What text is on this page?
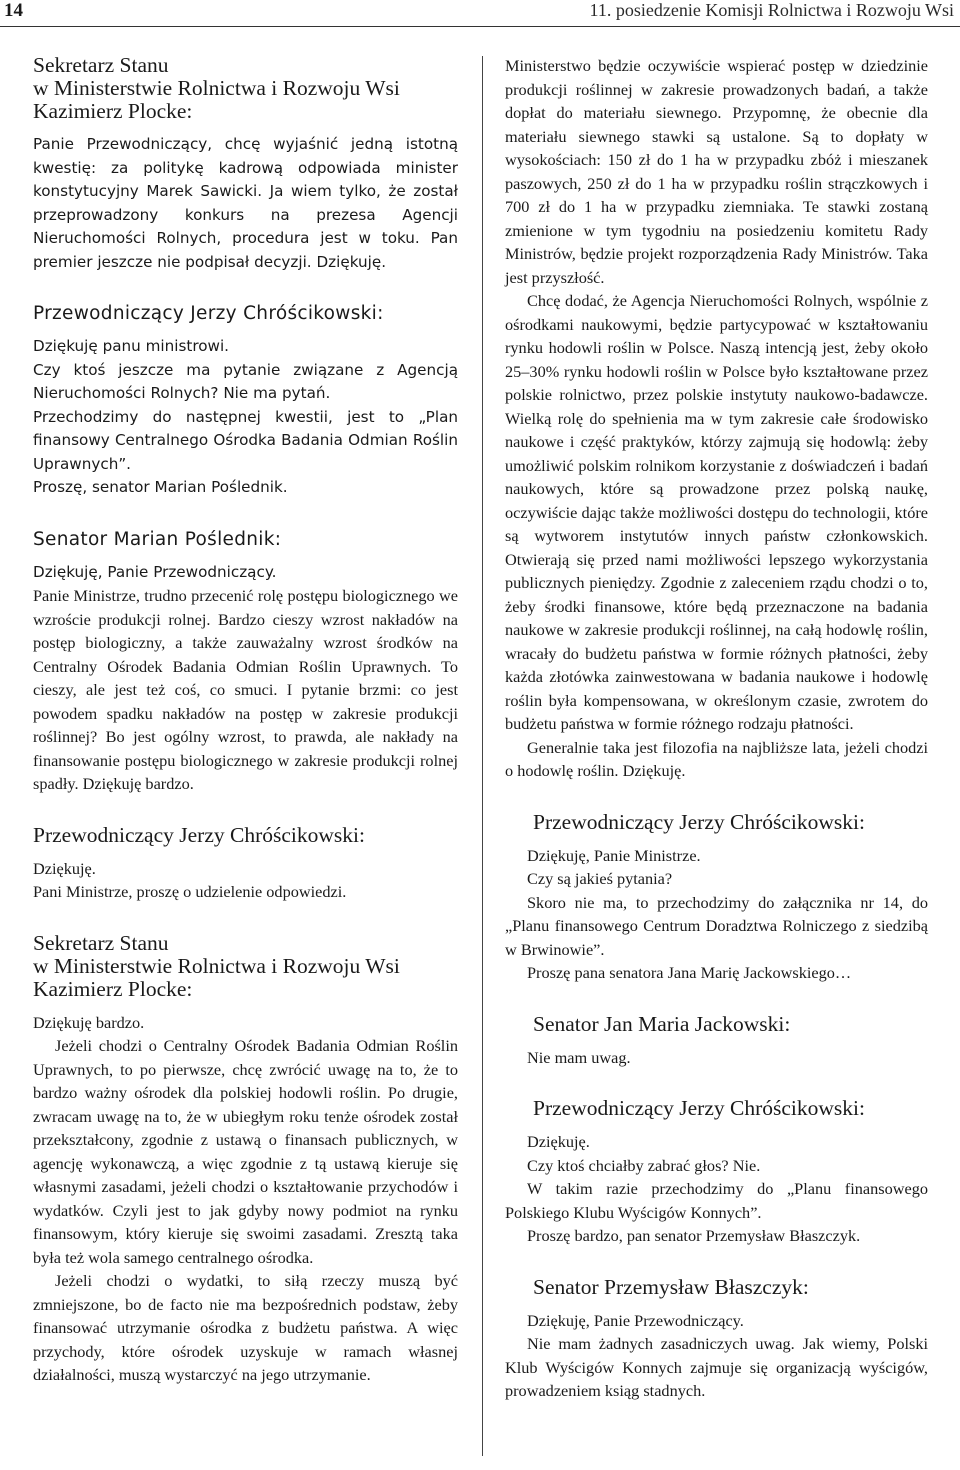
14	11. posiedzenie Komisji Rolnictwa i Rozwoju Wsi
Sekretarz Stanu
w Ministerstwie Rolnictwa i Rozwoju Wsi
Kazimierz Plocke:

Panie Przewodniczący, chcę wyjaśnić jedną istotną kwestię: za politykę kadrową odpowiada minister konstytucyjny Marek Sawicki. Ja wiem tylko, że został przeprowadzony konkurs na prezesa Agencji Nieruchomości Rolnych, procedura jest w toku. Pan premier jeszcze nie podpisał decyzji. Dziękuję.

Przewodniczący Jerzy Chróścikowski:

Dziękuję panu ministrowi.

Czy ktoś jeszcze ma pytanie związane z Agencją Nieruchomości Rolnych? Nie ma pytań.

Przechodzimy do następnej kwestii, jest to „Plan finansowy Centralnego Ośrodka Badania Odmian Roślin Uprawnych”.

Proszę, senator Marian Poślednik.

Senator Marian Poślednik:

Dziękuję, Panie Przewodniczący.

Panie Ministrze, trudno przecenić rolę postępu biologicznego we wzroście produkcji rolnej. Bardzo cieszy wzrost nakładów na postęp biologiczny, a także zauważalny wzrost środków na Centralny Ośrodek Badania Odmian Roślin Uprawnych. To cieszy, ale jest też coś, co smuci. I pytanie brzmi: co jest powodem spadku nakładów na postęp w zakresie produkcji roślinnej? Bo jest ogólny wzrost, to prawda, ale nakłady na finansowanie postępu biologicznego w zakresie produkcji rolnej spadły. Dziękuję bardzo.

Przewodniczący Jerzy Chróścikowski:

Dziękuję.

Pani Ministrze, proszę o udzielenie odpowiedzi.

Sekretarz Stanu
w Ministerstwie Rolnictwa i Rozwoju Wsi
Kazimierz Plocke:

Dziękuję bardzo.

Jeżeli chodzi o Centralny Ośrodek Badania Odmian Roślin Uprawnych, to po pierwsze, chcę zwrócić uwagę na to, że to bardzo ważny ośrodek dla polskiej hodowli roślin. Po drugie, zwracam uwagę na to, że w ubiegłym roku tenże ośrodek został przekształcony, zgodnie z ustawą o finansach publicznych, w agencję wykonawczą, a więc zgodnie z tą ustawą kieruje się własnymi zasadami, jeżeli chodzi o kształtowanie przychodów i wydatków. Czyli jest to jak gdyby nowy podmiot na rynku finansowym, który kieruje się swoimi zasadami. Zresztą taka była też wola samego centralnego ośrodka.

Jeżeli chodzi o wydatki, to siłą rzeczy muszą być zmniejszone, bo de facto nie ma bezpośrednich podstaw, żeby finansować utrzymanie ośrodka z budżetu państwa. A więc przychody, które ośrodek uzyskuje w ramach własnej działalności, muszą wystarczyć na jego utrzymanie.

Ministerstwo będzie oczywiście wspierać postęp w dziedzinie produkcji roślinnej w zakresie prowadzonych badań, a także dopłat do materiału siewnego. Przypomnę, że obecnie dla materiału siewnego stawki są ustalone. Są to dopłaty w wysokościach: 150 zł do 1 ha w przypadku zbóż i mieszanek paszowych, 250 zł do 1 ha w przypadku roślin strączkowych i 700 zł do 1 ha w przypadku ziemniaka. Te stawki zostaną zmienione w tym tygodniu na posiedzeniu komitetu Rady Ministrów, będzie projekt rozporządzenia Rady Ministrów. Taka jest przyszłość.

Chcę dodać, że Agencja Nieruchomości Rolnych, wspólnie z ośrodkami naukowymi, będzie partycypować w kształtowaniu rynku hodowli roślin w Polsce. Naszą intencją jest, żeby około 25–30% rynku hodowli roślin w Polsce było kształtowane przez polskie rolnictwo, przez polskie instytuty naukowo-badawcze. Wielką rolę do spełnienia ma w tym zakresie całe środowisko naukowe i część praktyków, którzy zajmują się hodowlą: żeby umożliwić polskim rolnikom korzystanie z doświadczeń i badań naukowych, które są prowadzone przez polską naukę, oczywiście dając także możliwości dostępu do technologii, które są wytworem instytutów innych państw członkowskich. Otwierają się przed nami możliwości lepszego wykorzystania publicznych pieniędzy. Zgodnie z zaleceniem rządu chodzi o to, żeby środki finansowe, które będą przeznaczone na badania naukowe w zakresie produkcji roślinnej, na całą hodowlę roślin, wracały do budżetu państwa w formie różnych płatności, żeby każda złotówka zainwestowana w badania naukowe i hodowlę roślin była kompensowana, w określonym czasie, zwrotem do budżetu państwa w formie różnego rodzaju płatności.

Generalnie taka jest filozofia na najbliższe lata, jeżeli chodzi o hodowlę roślin. Dziękuję.

Przewodniczący Jerzy Chróścikowski:

Dziękuję, Panie Ministrze.

Czy są jakieś pytania?

Skoro nie ma, to przechodzimy do załącznika nr 14, do „Planu finansowego Centrum Doradztwa Rolniczego z siedzibą w Brwinowie”.

Proszę pana senatora Jana Marię Jackowskiego…

Senator Jan Maria Jackowski:

Nie mam uwag.

Przewodniczący Jerzy Chróścikowski:

Dziękuję.

Czy ktoś chciałby zabrać głos? Nie.

W takim razie przechodzimy do „Planu finansowego Polskiego Klubu Wyścigów Konnych”.

Proszę bardzo, pan senator Przemysław Błaszczyk.

Senator Przemysław Błaszczyk:

Dziękuję, Panie Przewodniczący.

Nie mam żadnych zasadniczych uwag. Jak wiemy, Polski Klub Wyścigów Konnych zajmuje się organizacją wyścigów, prowadzeniem ksiąg stadnych.
